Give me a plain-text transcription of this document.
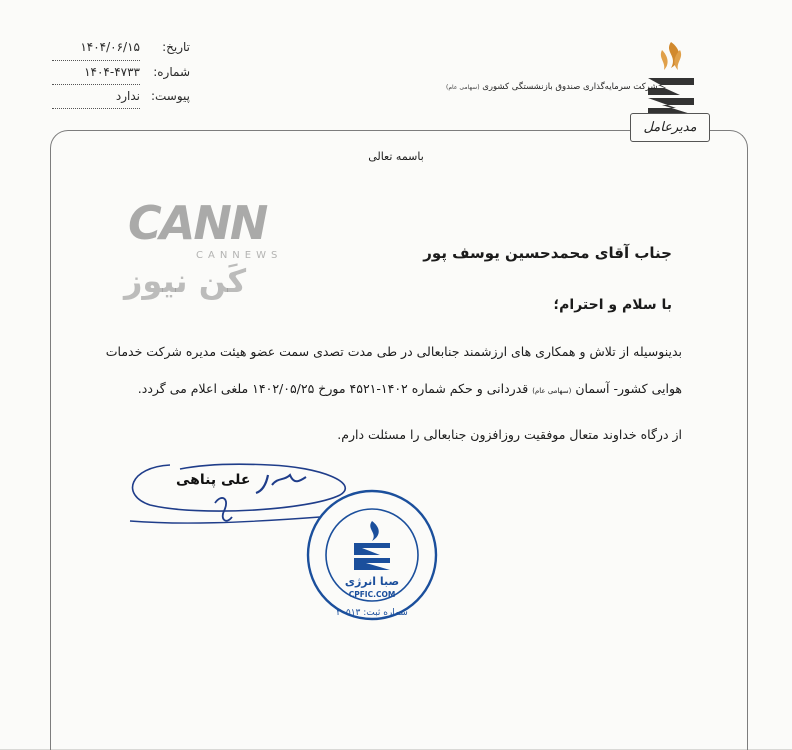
تاریخ:۱۴۰۴/۰۶/۱۵
شماره:۱۴۰۴-۴۷۳۳
پیوست:ندارد
شرکت سرمایه‌گذاری صندوق بازنشستگی کشوری (سهامی عام)
مدیرعامل
CANN
CANNEWS
کَن نیوز
باسمه تعالی
جناب آقای محمدحسین یوسف پور
با سلام و احترام؛
بدینوسیله از تلاش و همکاری های ارزشمند جنابعالی در طی مدت تصدی سمت عضو هیئت مدیره شرکت خدمات
هوایی کشور- آسمان (سهامی عام) قدردانی و حکم شماره ۱۴۰۲-۴۵۲۱ مورخ ۱۴۰۲/۰۵/۲۵ ملغی اعلام می گردد.
از درگاه خداوند متعال موفقیت روزافزون جنابعالی را مسئلت دارم.
علی پناهی
صبا انرژی
CPFIC.COM
شماره ثبت: ۲۰۵۱۳
